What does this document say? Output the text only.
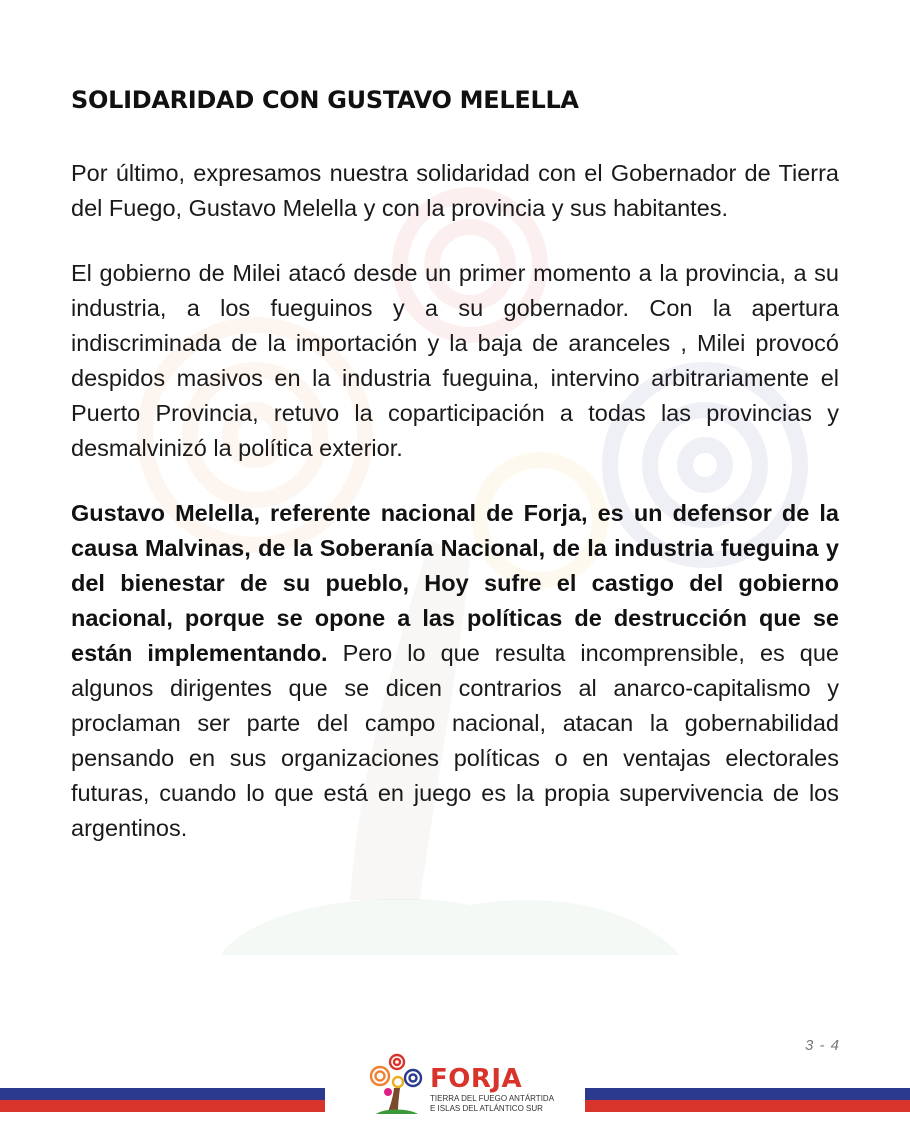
SOLIDARIDAD CON GUSTAVO MELELLA

Por último, expresamos nuestra solidaridad con el Gobernador de Tierra del Fuego, Gustavo Melella y con la provincia y sus habitantes.

El gobierno de Milei atacó desde un primer momento a la provincia, a su industria, a los fueguinos y a su gobernador. Con la apertura indiscriminada de la importación y la baja de aranceles , Milei provocó despidos masivos en la industria fueguina, intervino arbitrariamente el Puerto Provincia, retuvo la coparticipación a todas las provincias y desmalvinizó la política exterior.

Gustavo Melella, referente nacional de Forja, es un defensor de la causa Malvinas, de la Soberanía Nacional, de la industria fueguina y del bienestar de su pueblo, Hoy sufre el castigo del gobierno nacional, porque se opone a las políticas de destrucción que se están implementando. Pero lo que resulta incomprensible, es que algunos dirigentes que se dicen contrarios al anarco-capitalismo y proclaman ser parte del campo nacional, atacan la gobernabilidad pensando en sus organizaciones políticas o en ventajas electorales futuras, cuando lo que está en juego es la propia supervivencia de los argentinos.

3 - 4
FORJA
TIERRA DEL FUEGO ANTÁRTIDA
E ISLAS DEL ATLÁNTICO SUR
